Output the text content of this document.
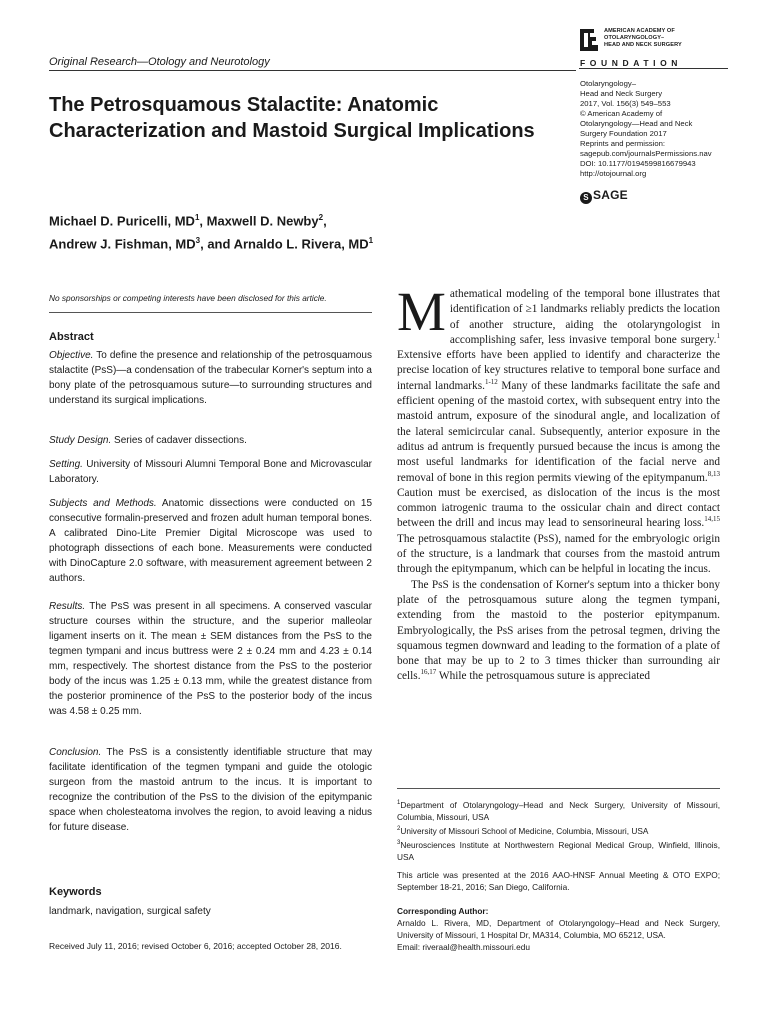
Original Research—Otology and Neurotology
AMERICAN ACADEMY OF
OTOLARYNGOLOGY–
HEAD AND NECK SURGERY
FOUNDATION
Otolaryngology–
Head and Neck Surgery
2017, Vol. 156(3) 549–553
© American Academy of
Otolaryngology—Head and Neck
Surgery Foundation 2017
Reprints and permission:
sagepub.com/journalsPermissions.nav
DOI: 10.1177/0194599816679943
http://otojournal.org
S SAGE
The Petrosquamous Stalactite: Anatomic Characterization and Mastoid Surgical Implications
Michael D. Puricelli, $MD^1$, Maxwell D. Newby$^2$,
Andrew J. Fishman, $MD^3$, and Arnaldo L. Rivera, $MD^1$
No sponsorships or competing interests have been disclosed for this article.
Abstract
Objective. To define the presence and relationship of the petrosquamous stalactite (PsS)—a condensation of the trabecular Korner's septum into a bony plate of the petrosquamous suture—to surrounding structures and understand its surgical implications.
Study Design. Series of cadaver dissections.
Setting. University of Missouri Alumni Temporal Bone and Microvascular Laboratory.
Subjects and Methods. Anatomic dissections were conducted on 15 consecutive formalin-preserved and frozen adult human temporal bones. A calibrated Dino-Lite Premier Digital Microscope was used to photograph dissections of each bone. Measurements were conducted with DinoCapture 2.0 software, with measurement agreement between 2 authors.
Results. The PsS was present in all specimens. A conserved vascular structure courses within the structure, and the superior malleolar ligament inserts on it. The mean ± SEM distances from the PsS to the tegmen tympani and incus buttress were 2 ± 0.24 mm and 4.23 ± 0.14 mm, respectively. The shortest distance from the PsS to the posterior body of the incus was 1.25 ± 0.13 mm, while the greatest distance from the posterior prominence of the PsS to the posterior body of the incus was 4.58 ± 0.25 mm.
Conclusion. The PsS is a consistently identifiable structure that may facilitate identification of the tegmen tympani and guide the otologic surgeon from the mastoid antrum to the incus. It is important to recognize the contribution of the PsS to the division of the epitympanic space when cholesteatoma involves the region, to avoid leaving a nidus for future disease.
Keywords
landmark, navigation, surgical safety
Received July 11, 2016; revised October 6, 2016; accepted October 28, 2016.

Mathematical modeling of the temporal bone illustrates that identification of ≥1 landmarks reliably predicts the location of another structure, aiding the otolaryngologist in accomplishing safer, less invasive temporal bone surgery.$^1$ Extensive efforts have been applied to identify and characterize the precise location of key structures relative to temporal bone surface and internal landmarks.$^{1-12}$ Many of these landmarks facilitate the safe and efficient opening of the mastoid cortex, with subsequent entry into the mastoid antrum, exposure of the sinodural angle, and localization of the lateral semicircular canal. Subsequently, anterior exposure in the aditus ad antrum is frequently pursued because the incus is among the most useful landmarks for identification of the facial nerve and removal of bone in this region permits viewing of the epitympanum.$^{8,13}$ Caution must be exercised, as dislocation of the incus is the most common iatrogenic trauma to the ossicular chain and direct contact between the drill and incus may lead to sensorineural hearing loss.$^{14,15}$ The petrosquamous stalactite (PsS), named for the embryologic origin of the structure, is a landmark that courses from the mastoid antrum through the epitympanum, which can be helpful in locating the incus.

The PsS is the condensation of Korner's septum into a thicker bony plate of the petrosquamous suture along the tegmen tympani, extending from the mastoid to the posterior epitympanum. Embryologically, the PsS arises from the petrosal tegmen, driving the squamous tegmen downward and leading to the formation of a plate of bone that may be up to 2 to 3 times thicker than surrounding air cells.$^{16,17}$ While the petrosquamous suture is appreciated

$^1$Department of Otolaryngology–Head and Neck Surgery, University of Missouri, Columbia, Missouri, USA
$^2$University of Missouri School of Medicine, Columbia, Missouri, USA
$^3$Neurosciences Institute at Northwestern Regional Medical Group, Winfield, Illinois, USA
This article was presented at the 2016 AAO-HNSF Annual Meeting & OTO EXPO; September 18-21, 2016; San Diego, California.
Corresponding Author:
Arnaldo L. Rivera, MD, Department of Otolaryngology–Head and Neck Surgery, University of Missouri, 1 Hospital Dr, MA314, Columbia, MO 65212, USA.
Email: riveraal@health.missouri.edu
